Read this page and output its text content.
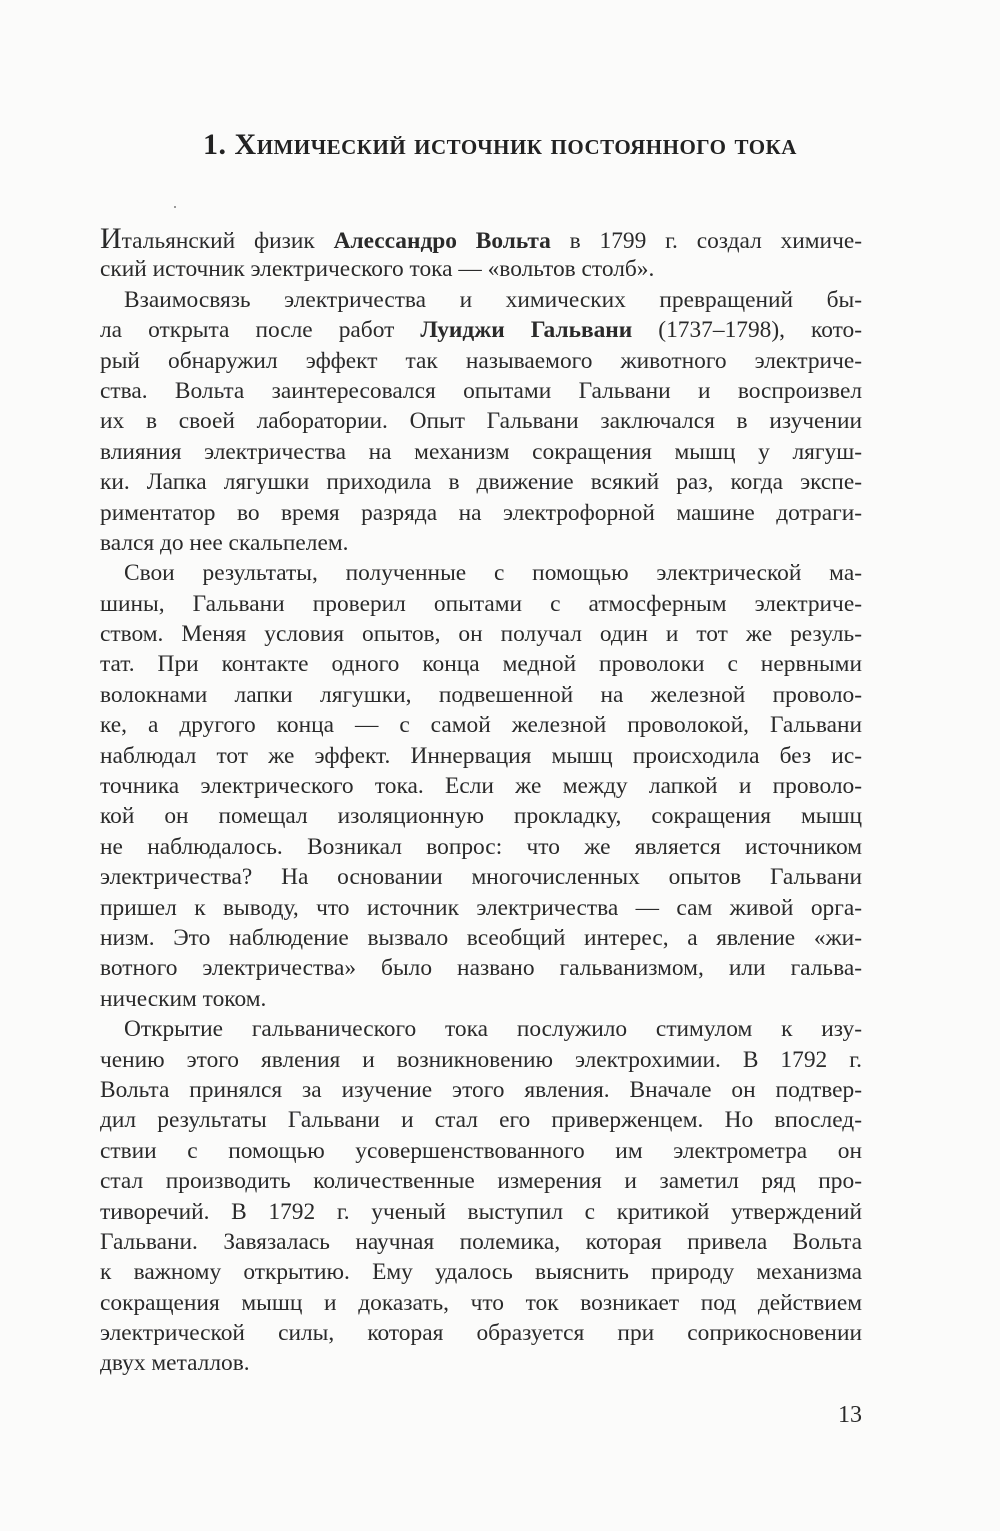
1. Химический источник постоянного тока
Итальянский физик Алессандро Вольта в 1799 г. создал химиче-
ский источник электрического тока — «вольтов столб».
Взаимосвязь электричества и химических превращений бы-
ла открыта после работ Луиджи Гальвани (1737–1798), кото-
рый обнаружил эффект так называемого животного электриче-
ства. Вольта заинтересовался опытами Гальвани и воспроизвел
их в своей лаборатории. Опыт Гальвани заключался в изучении
влияния электричества на механизм сокращения мышц у лягуш-
ки. Лапка лягушки приходила в движение всякий раз, когда экспе-
риментатор во время разряда на электрофорной машине дотраги-
вался до нее скальпелем.
Свои результаты, полученные с помощью электрической ма-
шины, Гальвани проверил опытами с атмосферным электриче-
ством. Меняя условия опытов, он получал один и тот же резуль-
тат. При контакте одного конца медной проволоки с нервными
волокнами лапки лягушки, подвешенной на железной проволо-
ке, а другого конца — с самой железной проволокой, Гальвани
наблюдал тот же эффект. Иннервация мышц происходила без ис-
точника электрического тока. Если же между лапкой и проволо-
кой он помещал изоляционную прокладку, сокращения мышц
не наблюдалось. Возникал вопрос: что же является источником
электричества? На основании многочисленных опытов Гальвани
пришел к выводу, что источник электричества — сам живой орга-
низм. Это наблюдение вызвало всеобщий интерес, а явление «жи-
вотного электричества» было названо гальванизмом, или гальва-
ническим током.
Открытие гальванического тока послужило стимулом к изу-
чению этого явления и возникновению электрохимии. В 1792 г.
Вольта принялся за изучение этого явления. Вначале он подтвер-
дил результаты Гальвани и стал его приверженцем. Но впослед-
ствии с помощью усовершенствованного им электрометра он
стал производить количественные измерения и заметил ряд про-
тиворечий. В 1792 г. ученый выступил с критикой утверждений
Гальвани. Завязалась научная полемика, которая привела Вольта
к важному открытию. Ему удалось выяснить природу механизма
сокращения мышц и доказать, что ток возникает под действием
электрической силы, которая образуется при соприкосновении
двух металлов.

13
